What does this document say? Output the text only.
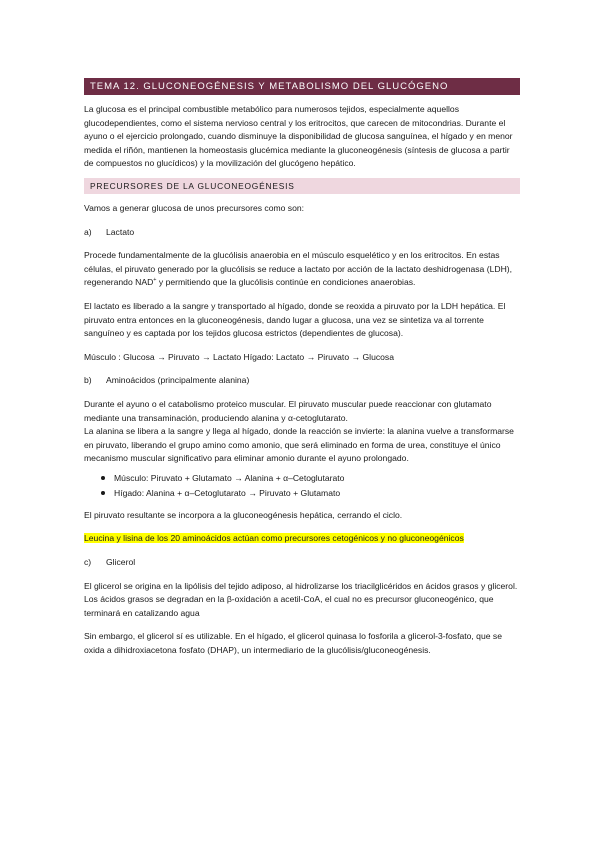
TEMA 12. GLUCONEOGÉNESIS Y METABOLISMO DEL GLUCÓGENO

La glucosa es el principal combustible metabólico para numerosos tejidos, especialmente aquellos glucodependientes, como el sistema nervioso central y los eritrocitos, que carecen de mitocondrias. Durante el ayuno o el ejercicio prolongado, cuando disminuye la disponibilidad de glucosa sanguínea, el hígado y en menor medida el riñón, mantienen la homeostasis glucémica mediante la gluconeogénesis (síntesis de glucosa a partir de compuestos no glucídicos) y la movilización del glucógeno hepático.

PRECURSORES DE LA GLUCONEOGÉNESIS

Vamos a generar glucosa de unos precursores como son:

a) Lactato

Procede fundamentalmente de la glucólisis anaerobia en el músculo esquelético y en los eritrocitos. En estas células, el piruvato generado por la glucólisis se reduce a lactato por acción de la lactato deshidrogenasa (LDH), regenerando NAD+ y permitiendo que la glucólisis continúe en condiciones anaerobias.

El lactato es liberado a la sangre y transportado al hígado, donde se reoxida a piruvato por la LDH hepática. El piruvato entra entonces en la gluconeogénesis, dando lugar a glucosa, una vez se sintetiza va al torrente sanguíneo y es captada por los tejidos glucosa estrictos (dependientes de glucosa).

Músculo : Glucosa → Piruvato → Lactato Hígado: Lactato → Piruvato → Glucosa

b) Aminoácidos (principalmente alanina)

Durante el ayuno o el catabolismo proteico muscular. El piruvato muscular puede reaccionar con glutamato mediante una transaminación, produciendo alanina y α-cetoglutarato.

La alanina se libera a la sangre y llega al hígado, donde la reacción se invierte: la alanina vuelve a transformarse en piruvato, liberando el grupo amino como amonio, que será eliminado en forma de urea, constituye el único mecanismo muscular significativo para eliminar amonio durante el ayuno prolongado.

Músculo: Piruvato + Glutamato → Alanina + α–Cetoglutarato
Hígado: Alanina + α–Cetoglutarato → Piruvato + Glutamato

El piruvato resultante se incorpora a la gluconeogénesis hepática, cerrando el ciclo.

Leucina y lisina de los 20 aminoácidos actúan como precursores cetogénicos y no gluconeogénicos

c) Glicerol

El glicerol se origina en la lipólisis del tejido adiposo, al hidrolizarse los triacilglicéridos en ácidos grasos y glicerol. Los ácidos grasos se degradan en la β-oxidación a acetil-CoA, el cual no es precursor gluconeogénico, que terminará en catalizando agua

Sin embargo, el glicerol sí es utilizable. En el hígado, el glicerol quinasa lo fosforila a glicerol-3-fosfato, que se oxida a dihidroxiacetona fosfato (DHAP), un intermediario de la glucólisis/gluconeogénesis.
